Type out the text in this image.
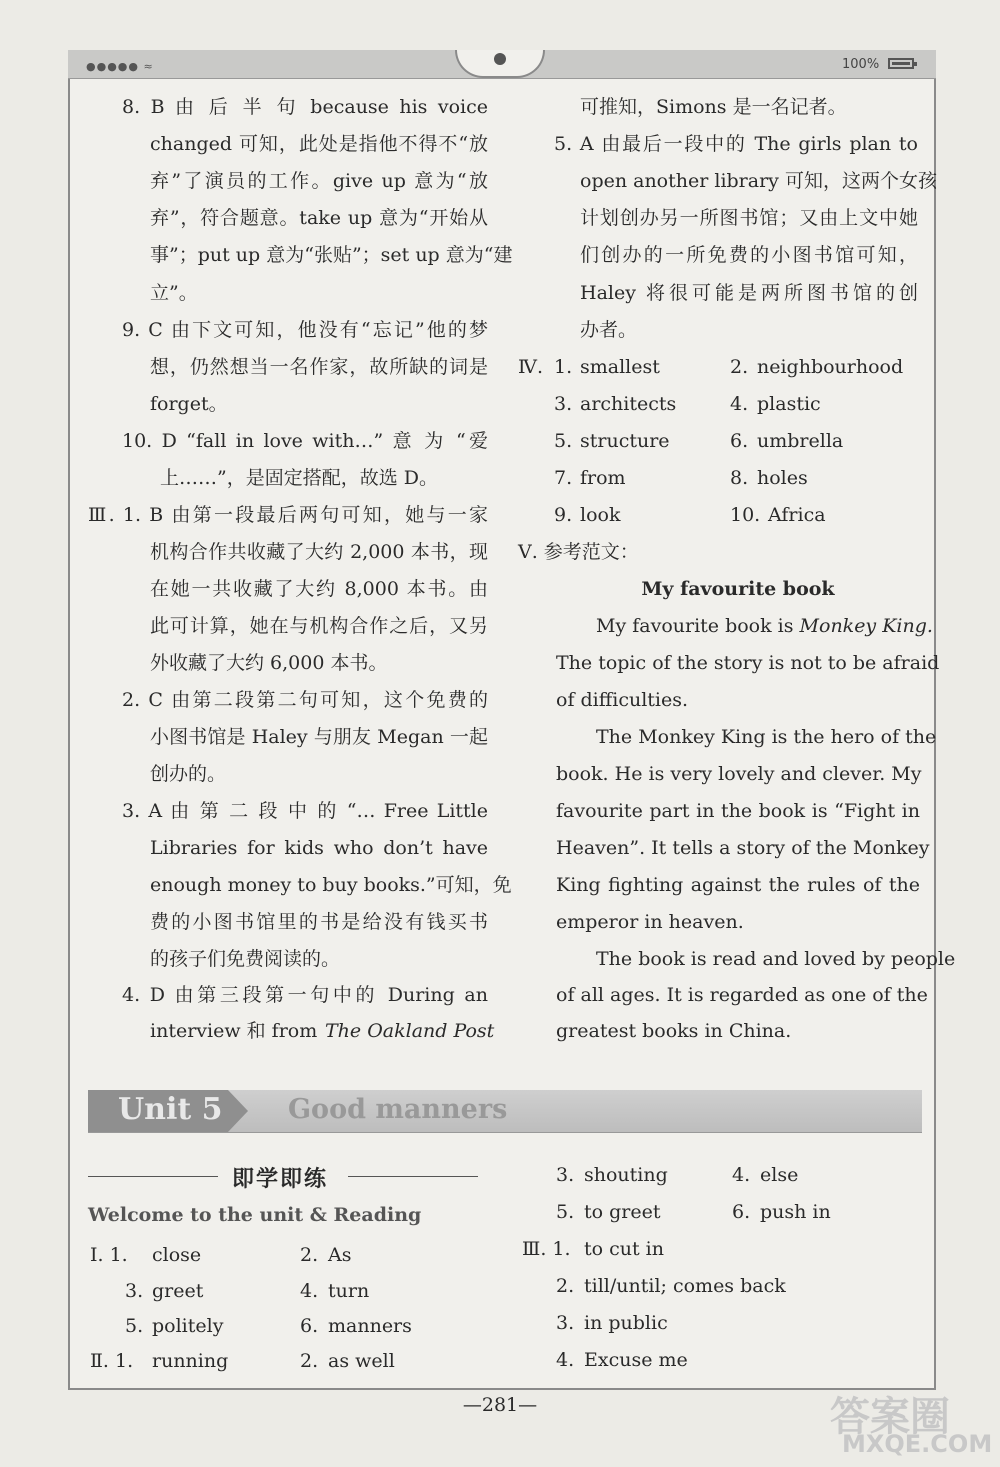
●●●●● ≈	100%
8. B 由 后 半 句 because his voice
changed 可知，此处是指他不得不“放
弃”了演员的工作。give up 意为“放
弃”，符合题意。take up 意为“开始从
事”；put up 意为“张贴”；set up 意为“建
立”。
9. C 由下文可知，他没有“忘记”他的梦
想，仍然想当一名作家，故所缺的词是
forget。
10. D “fall in love with…” 意 为 “爱
上……”，是固定搭配，故选 D。
Ⅲ. 1. B 由第一段最后两句可知，她与一家
机构合作共收藏了大约 2,000 本书，现
在她一共收藏了大约 8,000 本书。由
此可计算，她在与机构合作之后，又另
外收藏了大约 6,000 本书。
2. C 由第二段第二句可知，这个免费的
小图书馆是 Haley 与朋友 Megan 一起
创办的。
3. A 由 第 二 段 中 的 “… Free Little
Libraries for kids who don’t have
enough money to buy books.”可知，免
费的小图书馆里的书是给没有钱买书
的孩子们免费阅读的。
4. D 由第三段第一句中的 During an
interview 和 from The Oakland Post
可推知，Simons 是一名记者。
5. A 由最后一段中的 The girls plan to
open another library 可知，这两个女孩
计划创办另一所图书馆；又由上文中她
们创办的一所免费的小图书馆可知，
Haley 将很可能是两所图书馆的创
办者。
Ⅳ. 1. smallest	2. neighbourhood
3. architects	4. plastic
5. structure	6. umbrella
7. from	8. holes
9. look	10. Africa
Ⅴ. 参考范文：
My favourite book
My favourite book is Monkey King.
The topic of the story is not to be afraid
of difficulties.
The Monkey King is the hero of the
book. He is very lovely and clever. My
favourite part in the book is “Fight in
Heaven”. It tells a story of the Monkey
King fighting against the rules of the
emperor in heaven.
The book is read and loved by people
of all ages. It is regarded as one of the
greatest books in China.
Unit 5 Good manners
即学即练
Welcome to the unit & Reading
Ⅰ. 1. close	2. As
3. greet	4. turn
5. politely	6. manners
Ⅱ. 1. running	2. as well
3. shouting	4. else
5. to greet	6. push in
Ⅲ. 1. to cut in
2. till/until; comes back
3. in public
4. Excuse me
—281—	答案圈
MXQE.COM
